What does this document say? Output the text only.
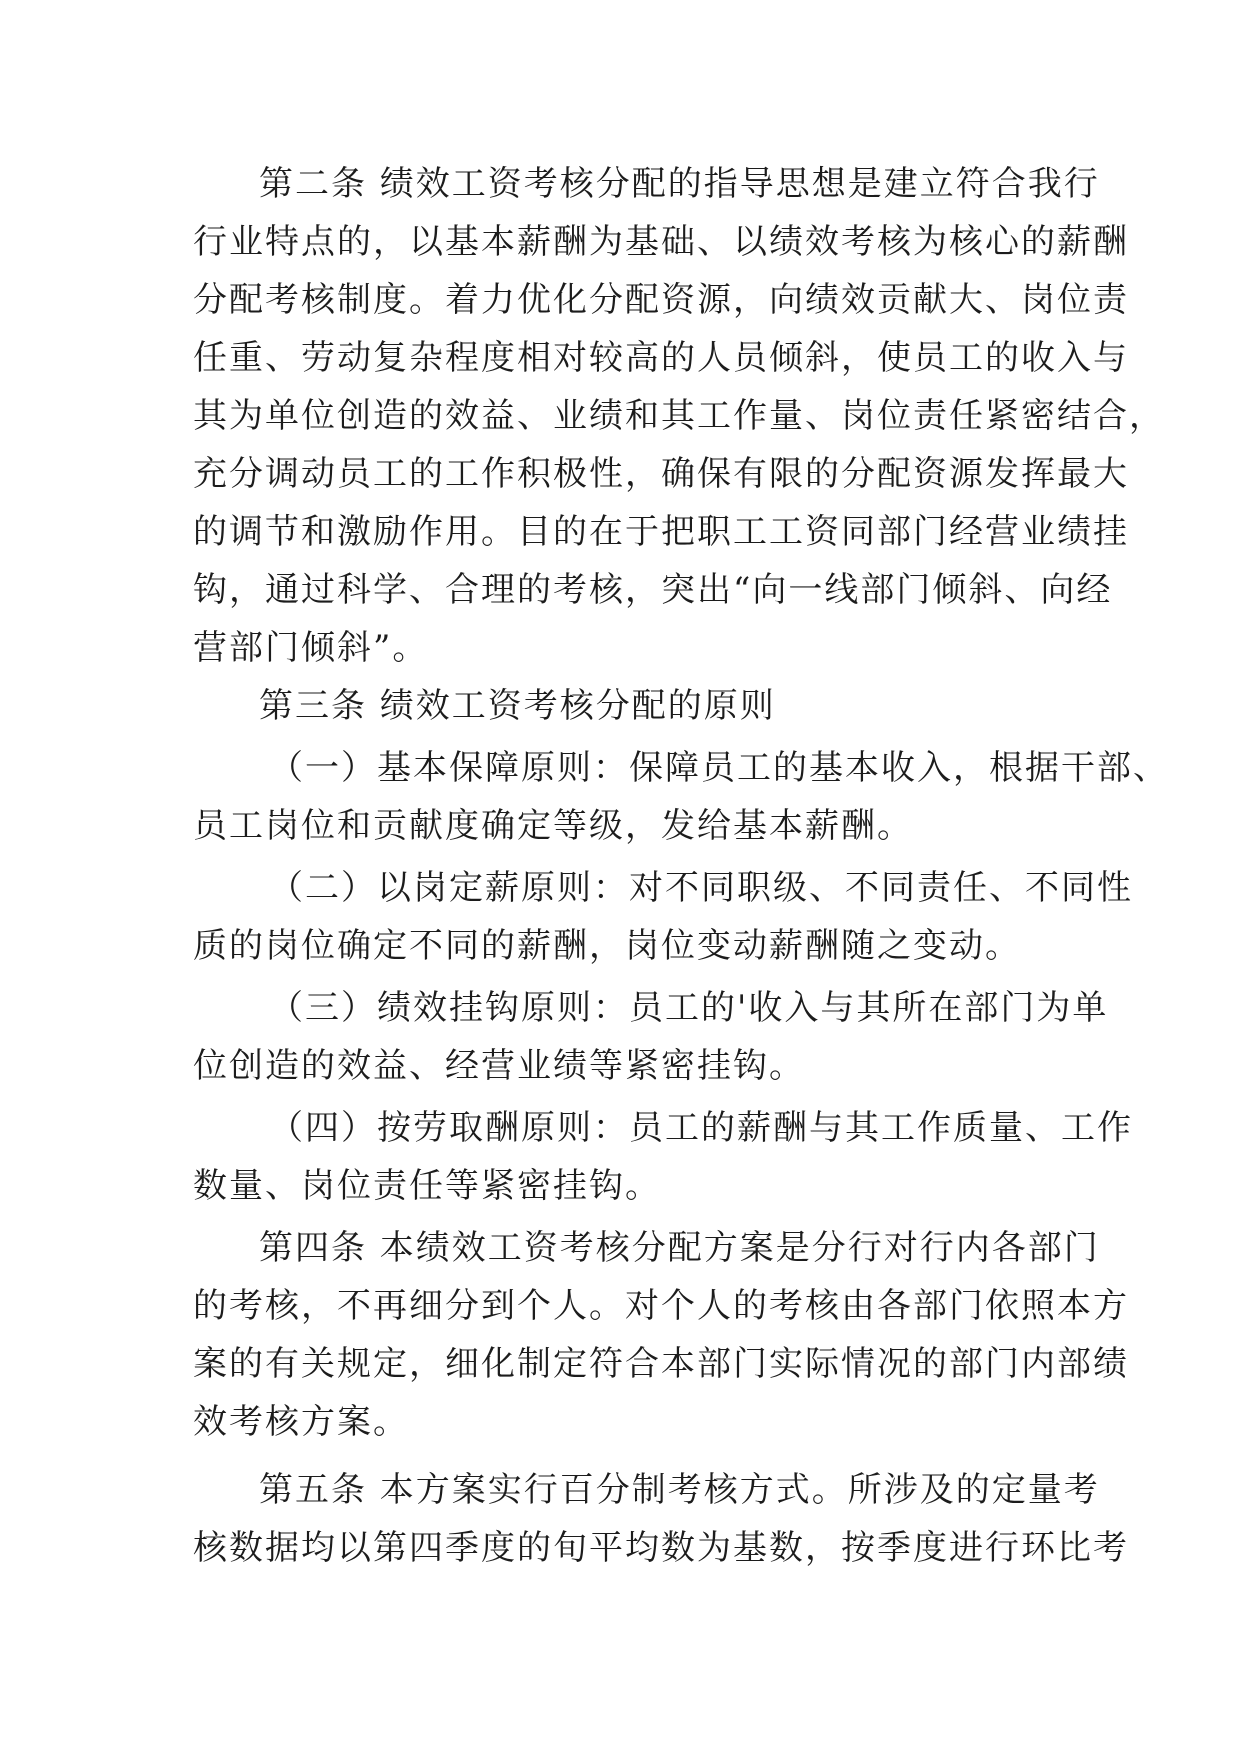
第二条 绩效工资考核分配的指导思想是建立符合我行
行业特点的，以基本薪酬为基础、以绩效考核为核心的薪酬
分配考核制度。着力优化分配资源，向绩效贡献大、岗位责
任重、劳动复杂程度相对较高的人员倾斜，使员工的收入与
其为单位创造的效益、业绩和其工作量、岗位责任紧密结合，
充分调动员工的工作积极性，确保有限的分配资源发挥最大
的调节和激励作用。目的在于把职工工资同部门经营业绩挂
钩，通过科学、合理的考核，突出“向一线部门倾斜、向经
营部门倾斜”。
第三条 绩效工资考核分配的原则
（一）基本保障原则：保障员工的基本收入，根据干部、
员工岗位和贡献度确定等级，发给基本薪酬。
（二）以岗定薪原则：对不同职级、不同责任、不同性
质的岗位确定不同的薪酬，岗位变动薪酬随之变动。
（三）绩效挂钩原则：员工的'收入与其所在部门为单
位创造的效益、经营业绩等紧密挂钩。
（四）按劳取酬原则：员工的薪酬与其工作质量、工作
数量、岗位责任等紧密挂钩。
第四条 本绩效工资考核分配方案是分行对行内各部门
的考核，不再细分到个人。对个人的考核由各部门依照本方
案的有关规定，细化制定符合本部门实际情况的部门内部绩
效考核方案。
第五条 本方案实行百分制考核方式。所涉及的定量考
核数据均以第四季度的旬平均数为基数，按季度进行环比考
